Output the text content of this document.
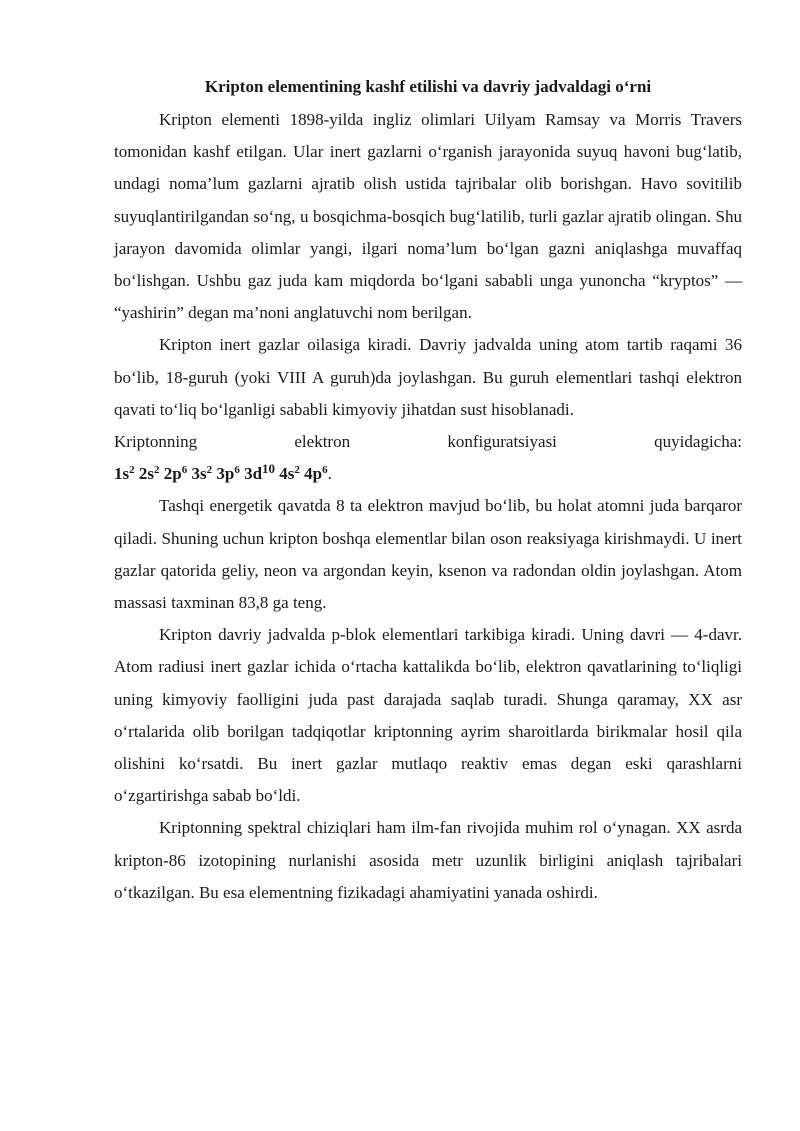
Kripton elementining kashf etilishi va davriy jadvaldagi o‘rni

Kripton elementi 1898-yilda ingliz olimlari Uilyam Ramsay va Morris Travers tomonidan kashf etilgan. Ular inert gazlarni o‘rganish jarayonida suyuq havoni bug‘latib, undagi noma’lum gazlarni ajratib olish ustida tajribalar olib borishgan. Havo sovitilib suyuqlantirilgandan so‘ng, u bosqichma-bosqich bug‘latilib, turli gazlar ajratib olingan. Shu jarayon davomida olimlar yangi, ilgari noma’lum bo‘lgan gazni aniqlashga muvaffaq bo‘lishgan. Ushbu gaz juda kam miqdorda bo‘lgani sababli unga yunoncha “kryptos” — “yashirin” degan ma’noni anglatuvchi nom berilgan.

Kripton inert gazlar oilasiga kiradi. Davriy jadvalda uning atom tartib raqami 36 bo‘lib, 18-guruh (yoki VIII A guruh)da joylashgan. Bu guruh elementlari tashqi elektron qavati to‘liq bo‘lganligi sababli kimyoviy jihatdan sust hisoblanadi.
Kriptonning elektron konfiguratsiyasi quyidagicha:
$1s^2$ $2s^2$ $2p^6$ $3s^2$ $3p^6$ $3d^{10}$ $4s^2$ $4p^6$.

Tashqi energetik qavatda 8 ta elektron mavjud bo‘lib, bu holat atomni juda barqaror qiladi. Shuning uchun kripton boshqa elementlar bilan oson reaksiyaga kirishmaydi. U inert gazlar qatorida geliy, neon va argondan keyin, ksenon va radondan oldin joylashgan. Atom massasi taxminan 83,8 ga teng.

Kripton davriy jadvalda p-blok elementlari tarkibiga kiradi. Uning davri — 4-davr. Atom radiusi inert gazlar ichida o‘rtacha kattalikda bo‘lib, elektron qavatlarining to‘liqligi uning kimyoviy faolligini juda past darajada saqlab turadi. Shunga qaramay, XX asr o‘rtalarida olib borilgan tadqiqotlar kriptonning ayrim sharoitlarda birikmalar hosil qila olishini ko‘rsatdi. Bu inert gazlar mutlaqo reaktiv emas degan eski qarashlarni o‘zgartirishga sabab bo‘ldi.

Kriptonning spektral chiziqlari ham ilm-fan rivojida muhim rol o‘ynagan. XX asrda kripton-86 izotopining nurlanishi asosida metr uzunlik birligini aniqlash tajribalari o‘tkazilgan. Bu esa elementning fizikadagi ahamiyatini yanada oshirdi.
